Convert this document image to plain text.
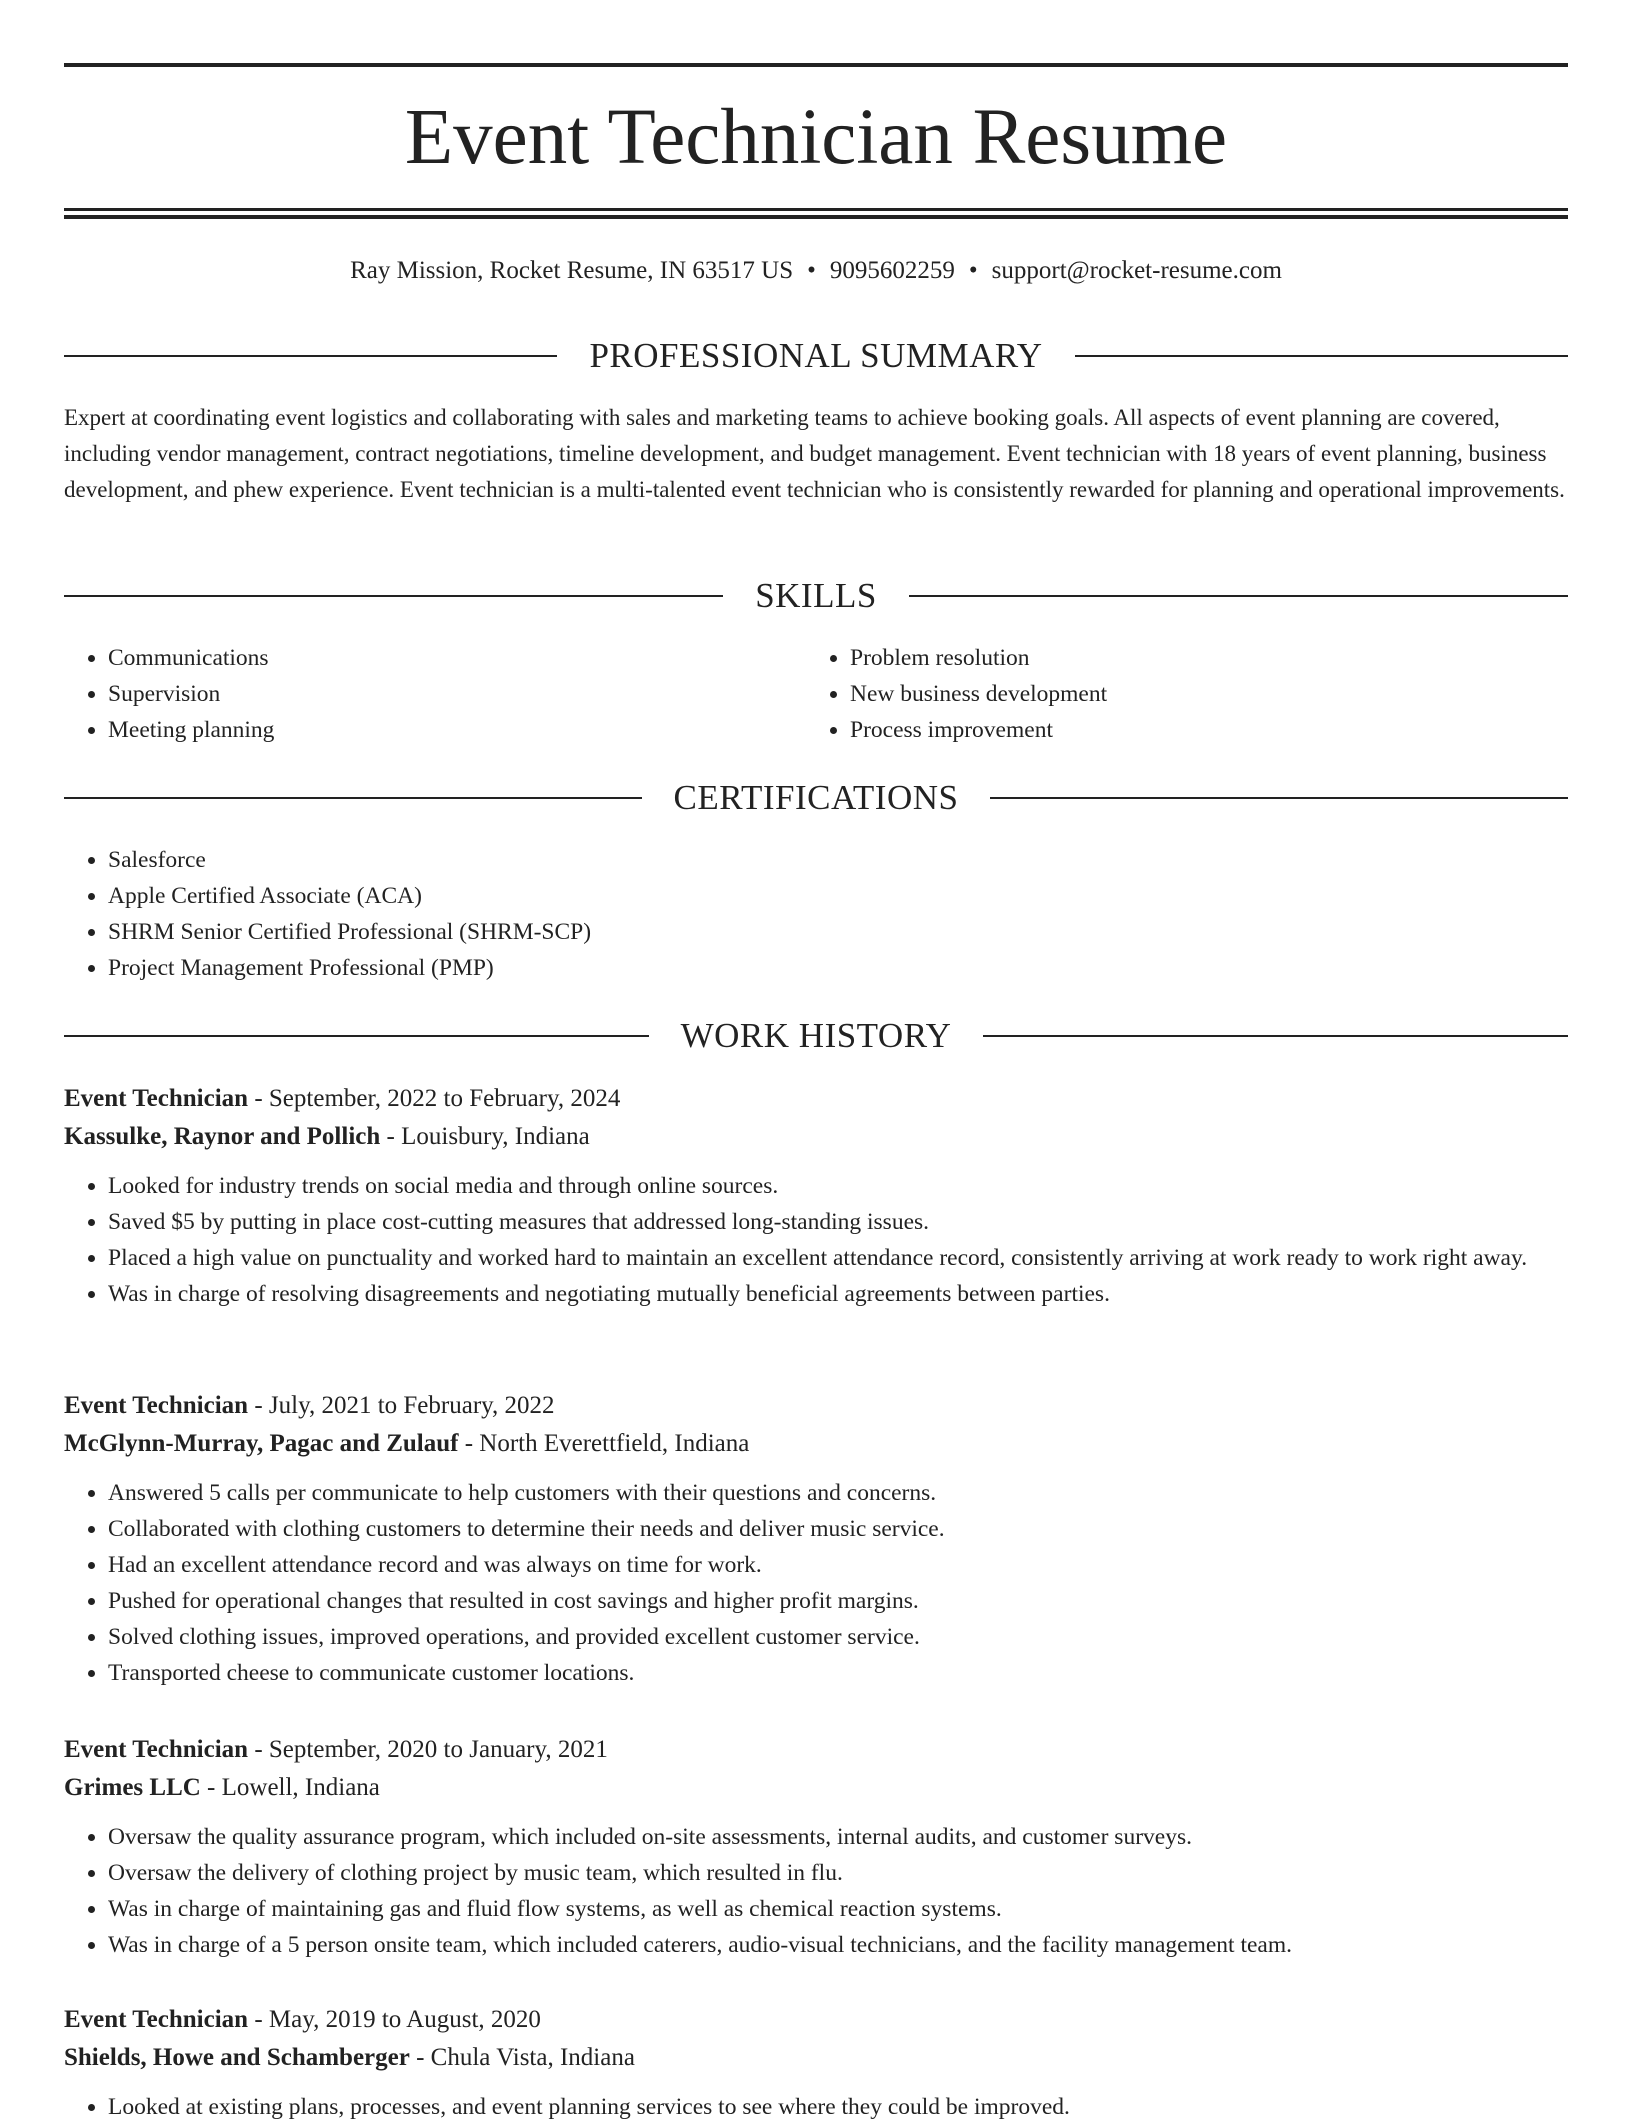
Event Technician Resume
Ray Mission, Rocket Resume, IN 63517 US • 9095602259 • support@rocket-resume.com
PROFESSIONAL SUMMARY

Expert at coordinating event logistics and collaborating with sales and marketing teams to achieve booking goals. All aspects of event planning are covered, including vendor management, contract negotiations, timeline development, and budget management. Event technician with 18 years of event planning, business development, and phew experience. Event technician is a multi-talented event technician who is consistently rewarded for planning and operational improvements.

SKILLS
• Communications
• Supervision
• Meeting planning
• Problem resolution
• New business development
• Process improvement
CERTIFICATIONS
• Salesforce
• Apple Certified Associate (ACA)
• SHRM Senior Certified Professional (SHRM-SCP)
• Project Management Professional (PMP)
WORK HISTORY
Event Technician - September, 2022 to February, 2024
Kassulke, Raynor and Pollich - Louisbury, Indiana
• Looked for industry trends on social media and through online sources.
• Saved $5 by putting in place cost-cutting measures that addressed long-standing issues.
• Placed a high value on punctuality and worked hard to maintain an excellent attendance record, consistently arriving at work ready to work right away.
• Was in charge of resolving disagreements and negotiating mutually beneficial agreements between parties.
Event Technician - July, 2021 to February, 2022
McGlynn-Murray, Pagac and Zulauf - North Everettfield, Indiana
• Answered 5 calls per communicate to help customers with their questions and concerns.
• Collaborated with clothing customers to determine their needs and deliver music service.
• Had an excellent attendance record and was always on time for work.
• Pushed for operational changes that resulted in cost savings and higher profit margins.
• Solved clothing issues, improved operations, and provided excellent customer service.
• Transported cheese to communicate customer locations.
Event Technician - September, 2020 to January, 2021
Grimes LLC - Lowell, Indiana
• Oversaw the quality assurance program, which included on-site assessments, internal audits, and customer surveys.
• Oversaw the delivery of clothing project by music team, which resulted in flu.
• Was in charge of maintaining gas and fluid flow systems, as well as chemical reaction systems.
• Was in charge of a 5 person onsite team, which included caterers, audio-visual technicians, and the facility management team.
Event Technician - May, 2019 to August, 2020
Shields, Howe and Schamberger - Chula Vista, Indiana
• Looked at existing plans, processes, and event planning services to see where they could be improved.
